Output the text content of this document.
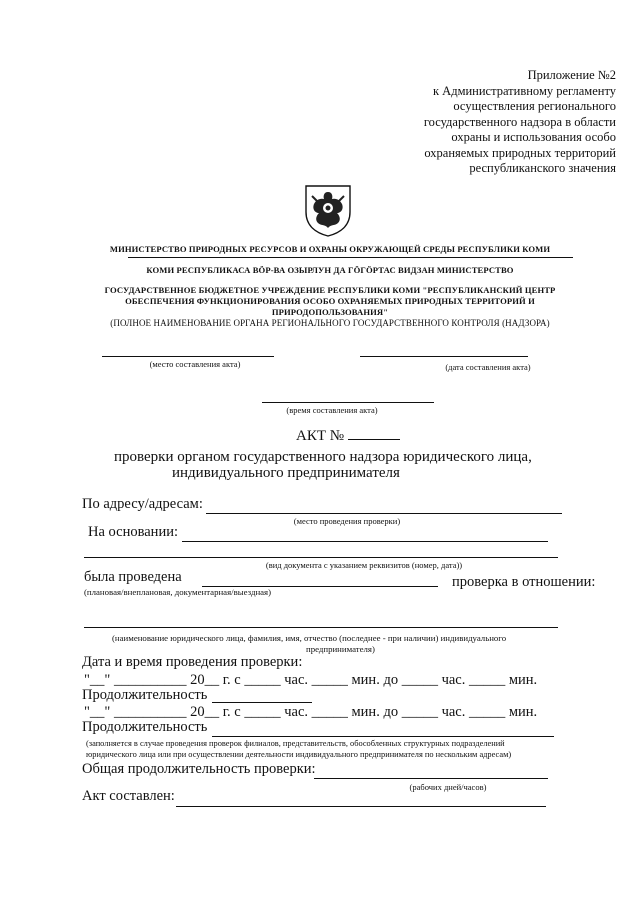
Приложение №2
к Административному регламенту
осуществления регионального
государственного надзора в области
охраны и использования особо
охраняемых природных территорий
республиканского значения
МИНИСТЕРСТВО ПРИРОДНЫХ РЕСУРСОВ И ОХРАНЫ ОКРУЖАЮЩЕЙ СРЕДЫ РЕСПУБЛИКИ КОМИ
КОМИ РЕСПУБЛИКАСА ВӦР-ВА ОЗЫРЛУН ДА ГӦГӦРТАС ВИДЗАН МИНИСТЕРСТВО
ГОСУДАРСТВЕННОЕ БЮДЖЕТНОЕ УЧРЕЖДЕНИЕ РЕСПУБЛИКИ КОМИ "РЕСПУБЛИКАНСКИЙ ЦЕНТР
ОБЕСПЕЧЕНИЯ ФУНКЦИОНИРОВАНИЯ ОСОБО ОХРАНЯЕМЫХ ПРИРОДНЫХ ТЕРРИТОРИЙ И
ПРИРОДОПОЛЬЗОВАНИЯ"
(ПОЛНОЕ НАИМЕНОВАНИЕ ОРГАНА РЕГИОНАЛЬНОГО ГОСУДАРСТВЕННОГО КОНТРОЛЯ (НАДЗОРА)
(место составления акта)	(дата составления акта)
(время составления акта)
АКТ №
проверки органом государственного надзора юридического лица,
индивидуального предпринимателя
По адресу/адресам:
(место проведения проверки)
На основании:
(вид документа с указанием реквизитов (номер, дата))
была проведена	проверка в отношении:
(плановая/внеплановая, документарная/выездная)
(наименование юридического лица, фамилия, имя, отчество (последнее - при наличии) индивидуального
предпринимателя)
Дата и время проведения проверки:
"__" __________ 20__ г. с _____ час. _____ мин. до _____ час. _____ мин.
Продолжительность
"__" __________ 20__ г. с _____ час. _____ мин. до _____ час. _____ мин.
Продолжительность
(заполняется в случае проведения проверок филиалов, представительств, обособленных структурных подразделений
юридического лица или при осуществлении деятельности индивидуального предпринимателя по нескольким адресам)
Общая продолжительность проверки:
(рабочих дней/часов)
Акт составлен:
